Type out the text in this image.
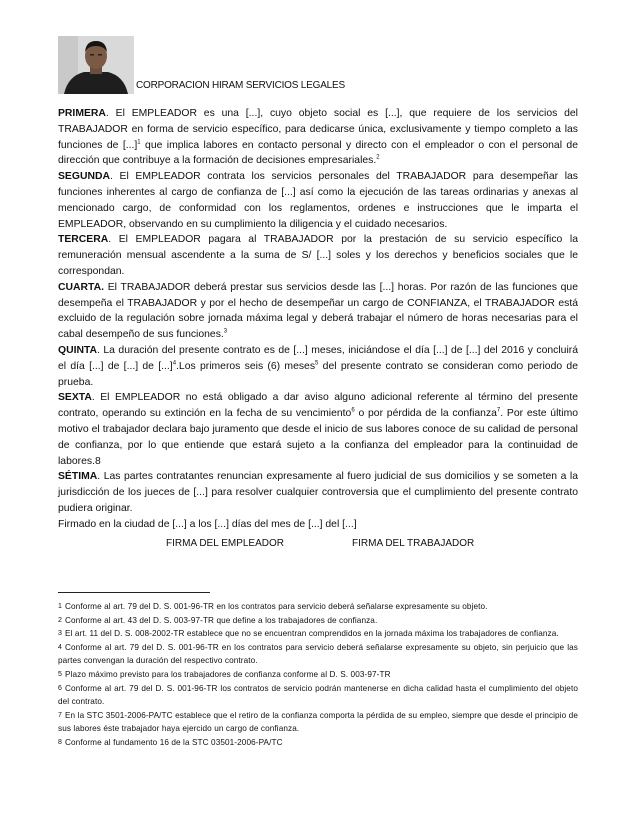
CORPORACION HIRAM SERVICIOS LEGALES

PRIMERA. El EMPLEADOR es una [...], cuyo objeto social es [...], que requiere de los servicios del TRABAJADOR en forma de servicio específico, para dedicarse única, exclusivamente y tiempo completo a las funciones de [...]$^1$ que implica labores en contacto personal y directo con el empleador o con el personal de dirección que contribuye a la formación de decisiones empresariales.$^2$

SEGUNDA. El EMPLEADOR contrata los servicios personales del TRABAJADOR para desempeñar las funciones inherentes al cargo de confianza de [...] así como la ejecución de las tareas ordinarias y anexas al mencionado cargo, de conformidad con los reglamentos, ordenes e instrucciones que le imparta el EMPLEADOR, observando en su cumplimiento la diligencia y el cuidado necesarios.

TERCERA. El EMPLEADOR pagara al TRABAJADOR por la prestación de su servicio específico la remuneración mensual ascendente a la suma de S/ [...] soles y los derechos y beneficios sociales que le correspondan.

CUARTA. El TRABAJADOR deberá prestar sus servicios desde las [...] horas. Por razón de las funciones que desempeña el TRABAJADOR y por el hecho de desempeñar un cargo de CONFIANZA, el TRABAJADOR está excluido de la regulación sobre jornada máxima legal y deberá trabajar el número de horas necesarias para el cabal desempeño de sus funciones.$^3$

QUINTA. La duración del presente contrato es de [...] meses, iniciándose el día [...] de [...] del 2016 y concluirá el día [...] de [...] de [...]$^4$.Los primeros seis (6) meses$^5$ del presente contrato se consideran como periodo de prueba.

SEXTA. El EMPLEADOR no está obligado a dar aviso alguno adicional referente al término del presente contrato, operando su extinción en la fecha de su vencimiento$^6$ o por pérdida de la confianza$^7$. Por este último motivo el trabajador declara bajo juramento que desde el inicio de sus labores conoce de su calidad de personal de confianza, por lo que entiende que estará sujeto a la confianza del empleador para la continuidad de labores.8

SÉTIMA. Las partes contratantes renuncian expresamente al fuero judicial de sus domicilios y se someten a la jurisdicción de los jueces de [...] para resolver cualquier controversia que el cumplimiento del presente contrato pudiera originar.

Firmado en la ciudad de [...] a los [...] días del mes de [...] del [...]

FIRMA DEL EMPLEADOR	FIRMA DEL TRABAJADOR

1 Conforme al art. 79 del D. S. 001-96-TR en los contratos para servicio deberá señalarse expresamente su objeto.

2 Conforme al art. 43 del D. S. 003-97-TR que define a los trabajadores de confianza.

3 El art. 11 del D. S. 008-2002-TR establece que no se encuentran comprendidos en la jornada máxima los trabajadores de confianza.

4 Conforme al art. 79 del D. S. 001-96-TR en los contratos para servicio deberá señalarse expresamente su objeto, sin perjuicio que las partes convengan la duración del respectivo contrato.

5 Plazo máximo previsto para los trabajadores de confianza conforme al D. S. 003-97-TR

6 Conforme al art. 79 del D. S. 001-96-TR los contratos de servicio podrán mantenerse en dicha calidad hasta el cumplimiento del objeto del contrato.

7 En la STC 3501-2006-PA/TC establece que el retiro de la confianza comporta la pérdida de su empleo, siempre que desde el principio de sus labores éste trabajador haya ejercido un cargo de confianza.

8 Conforme al fundamento 16 de la STC 03501-2006-PA/TC
